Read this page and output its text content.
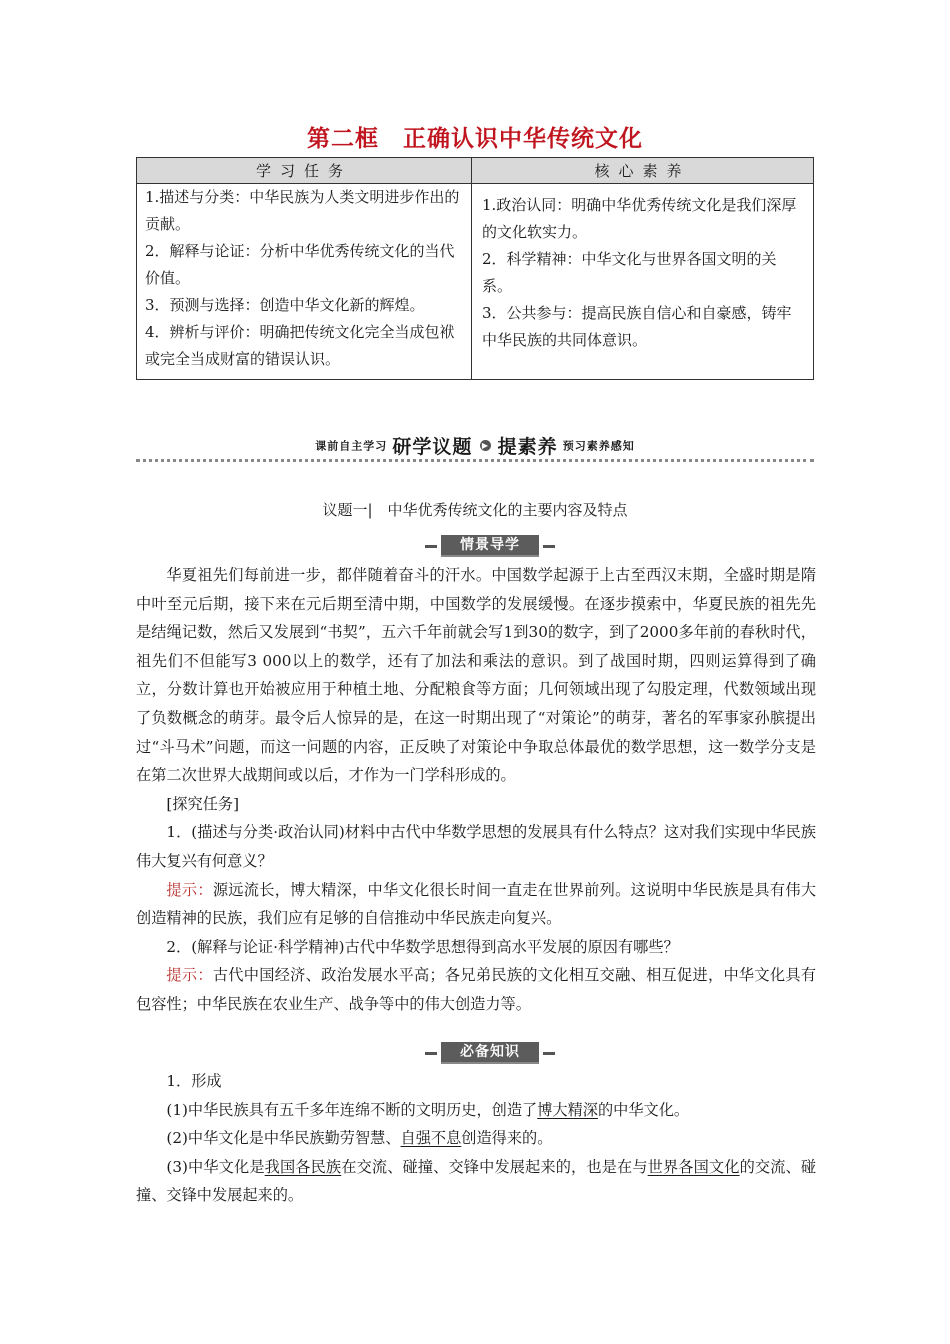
第二框　正确认识中华传统文化
学习任务	核心素养

1.描述与分类：中华民族为人类文明进步作出的贡献。

2．解释与论证：分析中华优秀传统文化的当代价值。

3．预测与选择：创造中华文化新的辉煌。

4．辨析与评价：明确把传统文化完全当成包袱或完全当成财富的错误认识。

1.政治认同：明确中华优秀传统文化是我们深厚的文化软实力。

2．科学精神：中华文化与世界各国文明的关系。

3．公共参与：提高民族自信心和自豪感，铸牢中华民族的共同体意识。

课前自主学习 研学议题 ▶ 提素养 预习素养感知
议题一|　中华优秀传统文化的主要内容及特点
情景导学

华夏祖先们每前进一步，都伴随着奋斗的汗水。中国数学起源于上古至西汉末期，全盛时期是隋中叶至元后期，接下来在元后期至清中期，中国数学的发展缓慢。在逐步摸索中，华夏民族的祖先先是结绳记数，然后又发展到“书契”，五六千年前就会写1到30的数字，到了2000多年前的春秋时代，祖先们不但能写3 000以上的数学，还有了加法和乘法的意识。到了战国时期，四则运算得到了确立，分数计算也开始被应用于种植土地、分配粮食等方面；几何领域出现了勾股定理，代数领域出现了负数概念的萌芽。最令后人惊异的是，在这一时期出现了“对策论”的萌芽，著名的军事家孙膑提出过“斗马术”问题，而这一问题的内容，正反映了对策论中争取总体最优的数学思想，这一数学分支是在第二次世界大战期间或以后，才作为一门学科形成的。

[探究任务]

1．(描述与分类·政治认同)材料中古代中华数学思想的发展具有什么特点？这对我们实现中华民族伟大复兴有何意义？

提示：源远流长，博大精深，中华文化很长时间一直走在世界前列。这说明中华民族是具有伟大创造精神的民族，我们应有足够的自信推动中华民族走向复兴。

2．(解释与论证·科学精神)古代中华数学思想得到高水平发展的原因有哪些？

提示：古代中国经济、政治发展水平高；各兄弟民族的文化相互交融、相互促进，中华文化具有包容性；中华民族在农业生产、战争等中的伟大创造力等。

必备知识

1．形成

(1)中华民族具有五千多年连绵不断的文明历史，创造了博大精深的中华文化。

(2)中华文化是中华民族勤劳智慧、自强不息创造得来的。

(3)中华文化是我国各民族在交流、碰撞、交锋中发展起来的，也是在与世界各国文化的交流、碰撞、交锋中发展起来的。
